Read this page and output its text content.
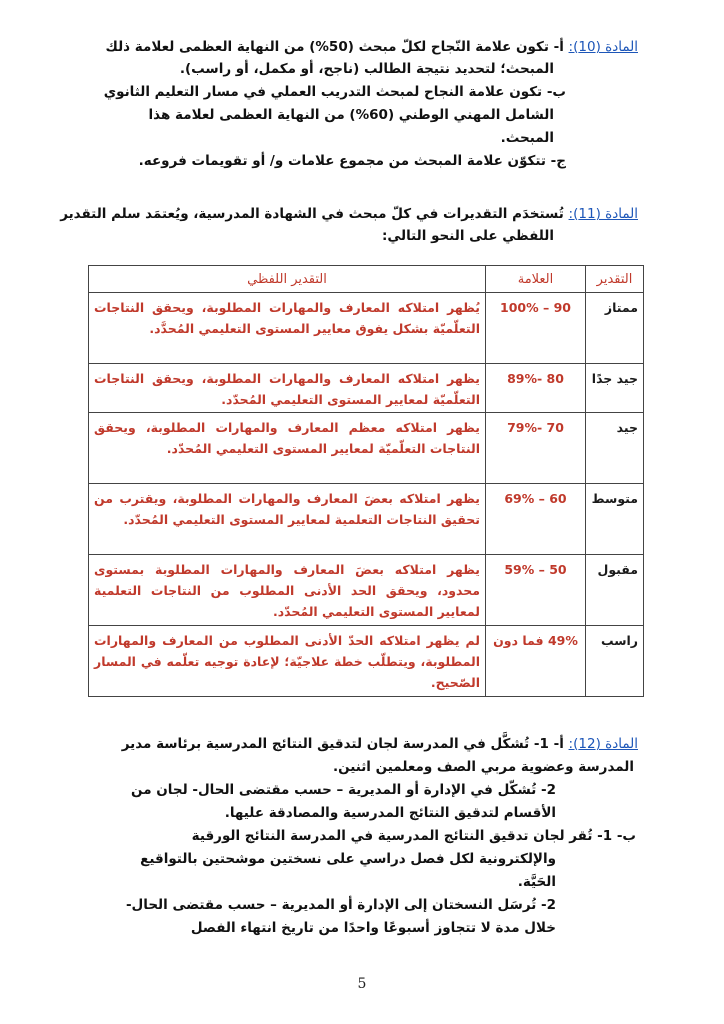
المادة (10): أ- تكون علامة النّجاح لكلّ مبحث (50%) من النهاية العظمى لعلامة ذلك
المبحث؛ لتحديد نتيجة الطالب (ناجح، أو مكمل، أو راسب).
ب- تكون علامة النجاح لمبحث التدريب العملي في مسار التعليم الثانوي
الشامل المهني الوطني (60%) من النهاية العظمى لعلامة هذا
المبحث.
ج- تتكوّن علامة المبحث من مجموع علامات و/ أو تقويمات فروعه.
المادة (11): تُستخدَم التقديرات في كلّ مبحث في الشهادة المدرسية، ويُعتمَد سلم التقدير
اللفظي على النحو التالي:
التقدير	العلامة	التقدير اللفظي
ممتاز	90 – 100%	يُظهر امتلاكه المعارف والمهارات المطلوبة، ويحقق النتاجات التعلّميّة بشكل يفوق معايير المستوى التعليمي المُحدَّد.
جيد جدًا	80 -89%	يظهر امتلاكه المعارف والمهارات المطلوبة، ويحقق النتاجات التعلّميّة لمعايير المستوى التعليمي المُحدّد.
جيد	70 -79%	يظهر امتلاكه معظم المعارف والمهارات المطلوبة، ويحقق النتاجات التعلّميّة لمعايير المستوى التعليمي المُحدّد.
متوسط	60 – 69%	يظهر امتلاكه بعضَ المعارف والمهارات المطلوبة، ويقترب من تحقيق النتاجات التعلمية لمعايير المستوى التعليمي المُحدّد.
مقبول	50 – 59%	يظهر امتلاكه بعضَ المعارف والمهارات المطلوبة بمستوى محدود، ويحقق الحد الأدنى المطلوب من النتاجات التعلمية لمعايير المستوى التعليمي المُحدّد.
راسب	49% فما دون	لم يظهر امتلاكه الحدّ الأدنى المطلوب من المعارف والمهارات المطلوبة، ويتطلّب خطة علاجيّة؛ لإعادة توجيه تعلّمه في المسار الصّحيح.
المادة (12): أ- 1- تُشكَّل في المدرسة لجان لتدقيق النتائج المدرسية برئاسة مدير
المدرسة وعضوية مربي الصف ومعلمين اثنين.
2- تُشكّل في الإدارة أو المديرية – حسب مقتضى الحال- لجان من
الأقسام لتدقيق النتائج المدرسية والمصادقة عليها.
ب- 1- تُقر لجان تدقيق النتائج المدرسية في المدرسة النتائج الورقية
والإلكترونية لكل فصل دراسي على نسختين موشحتين بالتواقيع
الحَيَّة.
2- تُرسَل النسختان إلى الإدارة أو المديرية – حسب مقتضى الحال-
خلال مدة لا تتجاوز أسبوعًا واحدًا من تاريخ انتهاء الفصل
5
